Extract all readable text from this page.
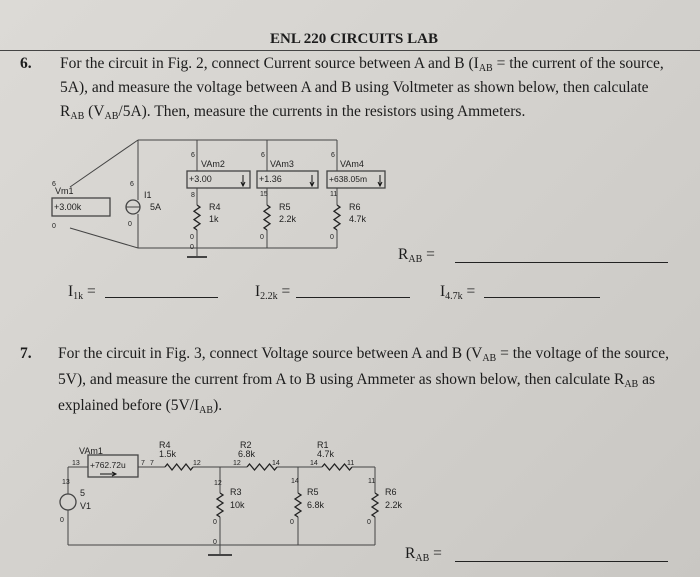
ENL 220 CIRCUITS LAB
6. For the circuit in Fig. 2, connect Current source between A and B ($I_{AB}$ = the current of the source,
5A), and measure the voltage between A and B using Voltmeter as shown below, then calculate
$R_{AB}$ $(V_{AB}/5A)$. Then, measure the currents in the resistors using Ammeters.
$R_{AB}$ =
$I_{1k}$ =	$I_{2.2k}$ =	$I_{4.7k}$ =
7. For the circuit in Fig. 3, connect Voltage source between A and B ($V_{AB}$ = the voltage of the source,
5V), and measure the current from A to B using Ammeter as shown below, then calculate $R_{AB}$ as
explained before $(5V/I_{AB})$.
$R_{AB}$ =
Vm1
+3.00k
6
0
I1
5A
6
0
VAm2
+3.00
6
8
VAm3
+1.36
6
15
VAm4
+638.05m
6
11
R4
1k
0
0
R5
2.2k
0
R6
4.7k
0
VAm1
+762.72u
13	7 7
5
V1
13
0
R4
1.5k
12
R2
6.8k
12	14
R1
4.7k
14	11
R3
10k
12
0
0
R5
6.8k
14
0
R6
2.2k
11
0
